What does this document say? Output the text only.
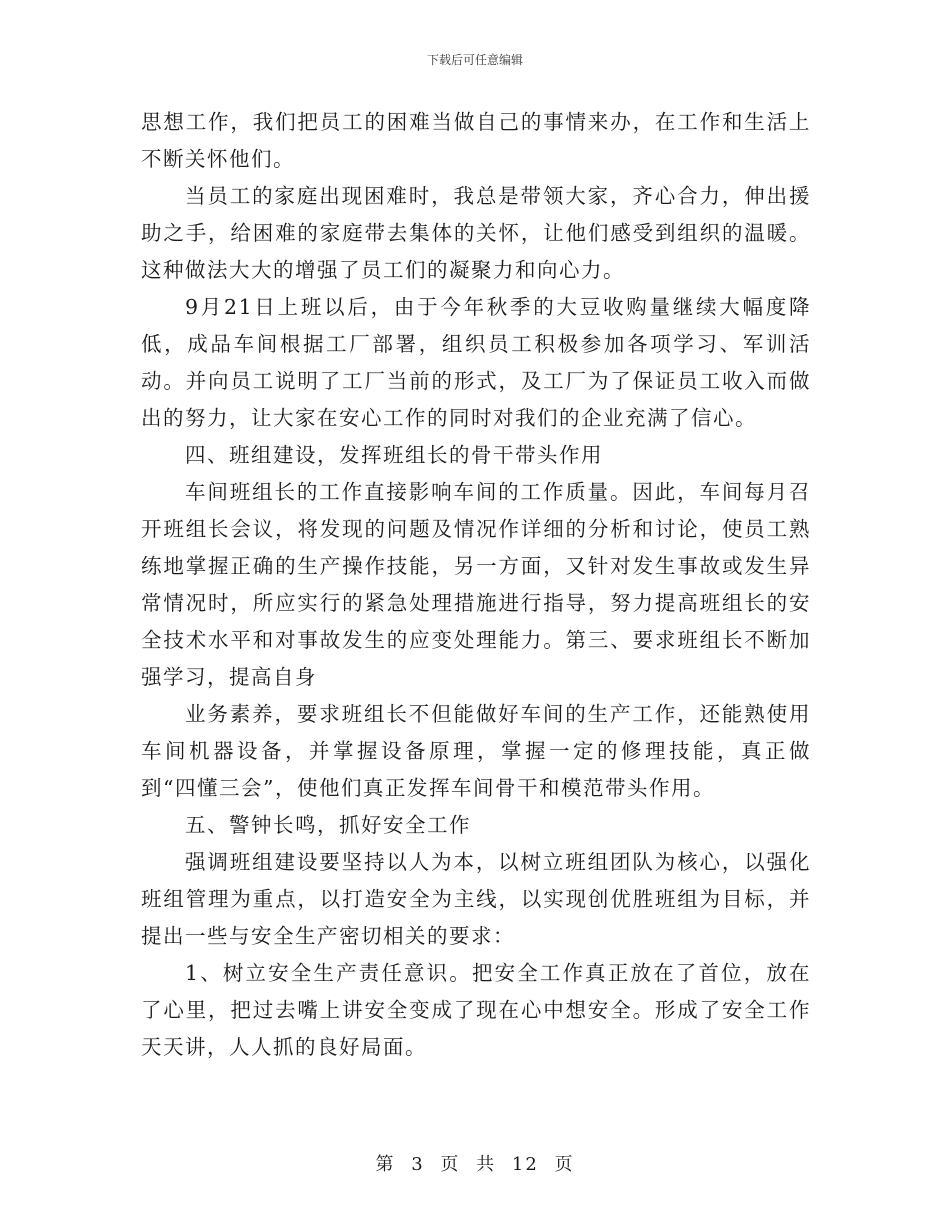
下载后可任意编辑

思想工作，我们把员工的困难当做自己的事情来办，在工作和生活上不断关怀他们。

当员工的家庭出现困难时，我总是带领大家，齐心合力，伸出援助之手，给困难的家庭带去集体的关怀，让他们感受到组织的温暖。这种做法大大的增强了员工们的凝聚力和向心力。

9月21日上班以后，由于今年秋季的大豆收购量继续大幅度降低，成品车间根据工厂部署，组织员工积极参加各项学习、军训活动。并向员工说明了工厂当前的形式，及工厂为了保证员工收入而做出的努力，让大家在安心工作的同时对我们的企业充满了信心。

四、班组建设，发挥班组长的骨干带头作用

车间班组长的工作直接影响车间的工作质量。因此，车间每月召开班组长会议，将发现的问题及情况作详细的分析和讨论，使员工熟练地掌握正确的生产操作技能，另一方面，又针对发生事故或发生异常情况时，所应实行的紧急处理措施进行指导，努力提高班组长的安全技术水平和对事故发生的应变处理能力。第三、要求班组长不断加强学习，提高自身

业务素养，要求班组长不但能做好车间的生产工作，还能熟使用车间机器设备，并掌握设备原理，掌握一定的修理技能，真正做到“四懂三会”，使他们真正发挥车间骨干和模范带头作用。

五、警钟长鸣，抓好安全工作

强调班组建设要坚持以人为本，以树立班组团队为核心，以强化班组管理为重点，以打造安全为主线，以实现创优胜班组为目标，并提出一些与安全生产密切相关的要求：

1、树立安全生产责任意识。把安全工作真正放在了首位，放在了心里，把过去嘴上讲安全变成了现在心中想安全。形成了安全工作天天讲，人人抓的良好局面。

第 3 页 共 12 页
